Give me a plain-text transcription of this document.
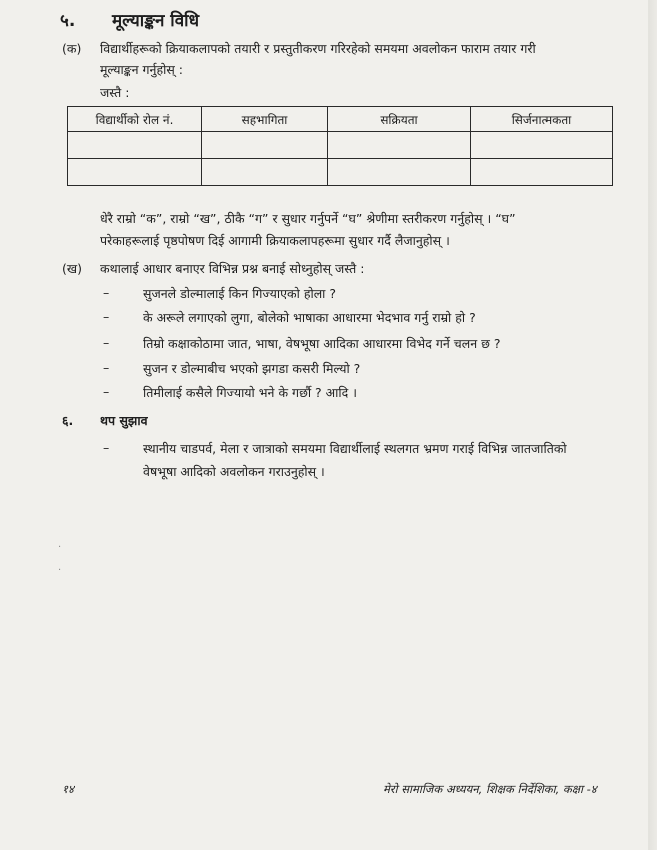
५. मूल्याङ्कन विधि
(क) विद्यार्थीहरूको क्रियाकलापको तयारी र प्रस्तुतीकरण गरिरहेको समयमा अवलोकन फाराम तयार गरी
मूल्याङ्कन गर्नुहोस् :
जस्तै :
विद्यार्थीको रोल नं.	सहभागिता	सक्रियता	सिर्जनात्मकता

धेरै राम्रो “क”, राम्रो “ख”, ठीकै “ग” र सुधार गर्नुपर्ने “घ” श्रेणीमा स्तरीकरण गर्नुहोस् । “घ”
परेकाहरूलाई पृष्ठपोषण दिई आगामी क्रियाकलापहरूमा सुधार गर्दै लैजानुहोस् ।
(ख) कथालाई आधार बनाएर विभिन्न प्रश्न बनाई सोध्नुहोस् जस्तै :
–	सुजनले डोल्मालाई किन गिज्याएको होला ?
–	के अरूले लगाएको लुगा, बोलेको भाषाका आधारमा भेदभाव गर्नु राम्रो हो ?
–	तिम्रो कक्षाकोठामा जात, भाषा, वेषभूषा आदिका आधारमा विभेद गर्ने चलन छ ?
–	सुजन र डोल्माबीच भएको झगडा कसरी मिल्यो ?
–	तिमीलाई कसैले गिज्यायो भने के गर्छौ ? आदि ।
६. थप सुझाव
–	स्थानीय चाडपर्व, मेला र जात्राको समयमा विद्यार्थीलाई स्थलगत भ्रमण गराई विभिन्न जातजातिको
वेषभूषा आदिको अवलोकन गराउनुहोस् ।
·
·
१४	मेरो सामाजिक अध्ययन, शिक्षक निर्देशिका, कक्षा -४
